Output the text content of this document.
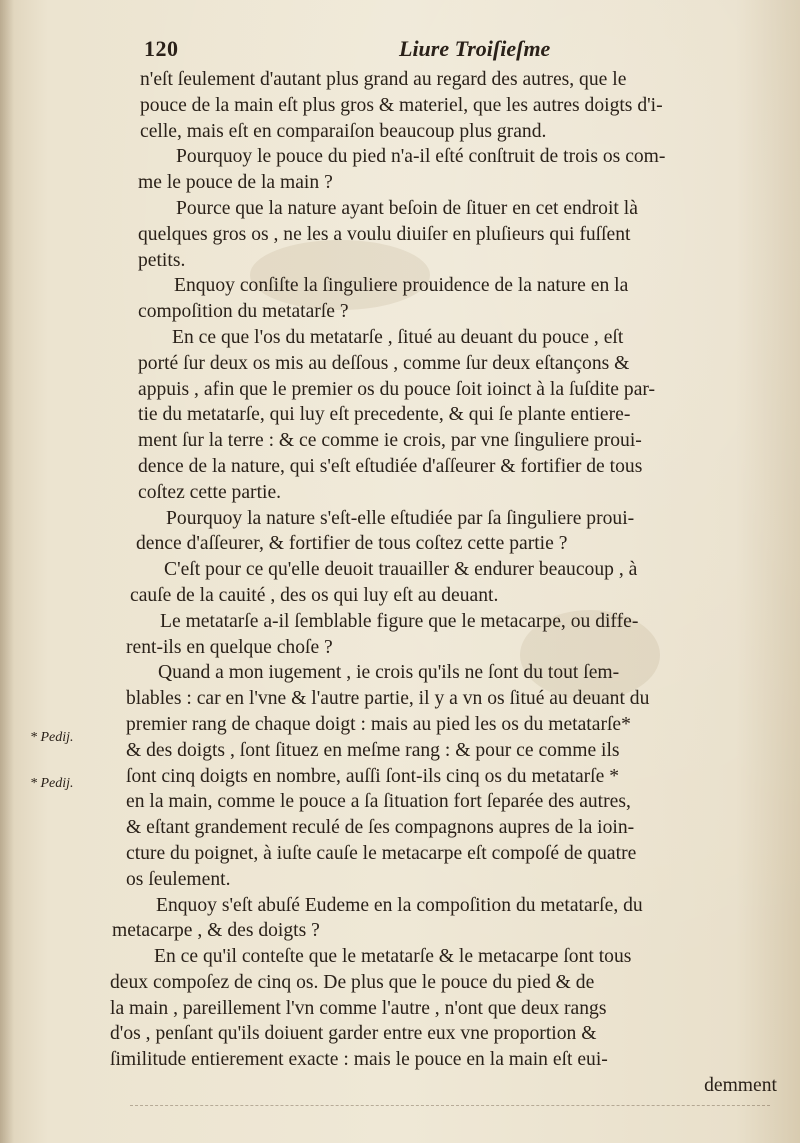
120	Liure Troiſieſme
* Pedij.
* Pedij.
n'eſt ſeulement d'autant plus grand au regard des autres, que le
pouce de la main eſt plus gros & materiel, que les autres doigts d'i-
celle, mais eſt en comparaiſon beaucoup plus grand.
Pourquoy le pouce du pied n'a-il eſté conſtruit de trois os com-
me le pouce de la main ?
Pource que la nature ayant beſoin de ſituer en cet endroit là
quelques gros os , ne les a voulu diuiſer en pluſieurs qui fuſſent
petits.
Enquoy conſiſte la ſinguliere prouidence de la nature en la
compoſition du metatarſe ?
En ce que l'os du metatarſe , ſitué au deuant du pouce , eſt
porté ſur deux os mis au deſſous , comme ſur deux eſtançons &
appuis , afin que le premier os du pouce ſoit ioinct à la ſuſdite par-
tie du metatarſe, qui luy eſt precedente, & qui ſe plante entiere-
ment ſur la terre : & ce comme ie crois, par vne ſinguliere proui-
dence de la nature, qui s'eſt eſtudiée d'aſſeurer & fortifier de tous
coſtez cette partie.
Pourquoy la nature s'eſt-elle eſtudiée par ſa ſinguliere proui-
dence d'aſſeurer, & fortifier de tous coſtez cette partie ?
C'eſt pour ce qu'elle deuoit trauailler & endurer beaucoup , à
cauſe de la cauité , des os qui luy eſt au deuant.
Le metatarſe a-il ſemblable figure que le metacarpe, ou diffe-
rent-ils en quelque choſe ?
Quand a mon iugement , ie crois qu'ils ne ſont du tout ſem-
blables : car en l'vne & l'autre partie, il y a vn os ſitué au deuant du
premier rang de chaque doigt : mais au pied les os du metatarſe*
& des doigts , ſont ſituez en meſme rang : & pour ce comme ils
ſont cinq doigts en nombre, auſſi ſont-ils cinq os du metatarſe *
en la main, comme le pouce a ſa ſituation fort ſeparée des autres,
& eſtant grandement reculé de ſes compagnons aupres de la ioin-
cture du poignet, à iuſte cauſe le metacarpe eſt compoſé de quatre
os ſeulement.
Enquoy s'eſt abuſé Eudeme en la compoſition du metatarſe, du
metacarpe , & des doigts ?
En ce qu'il conteſte que le metatarſe & le metacarpe ſont tous
deux compoſez de cinq os. De plus que le pouce du pied & de
la main , pareillement l'vn comme l'autre , n'ont que deux rangs
d'os , penſant qu'ils doiuent garder entre eux vne proportion &
ſimilitude entierement exacte : mais le pouce en la main eſt eui-
demment
